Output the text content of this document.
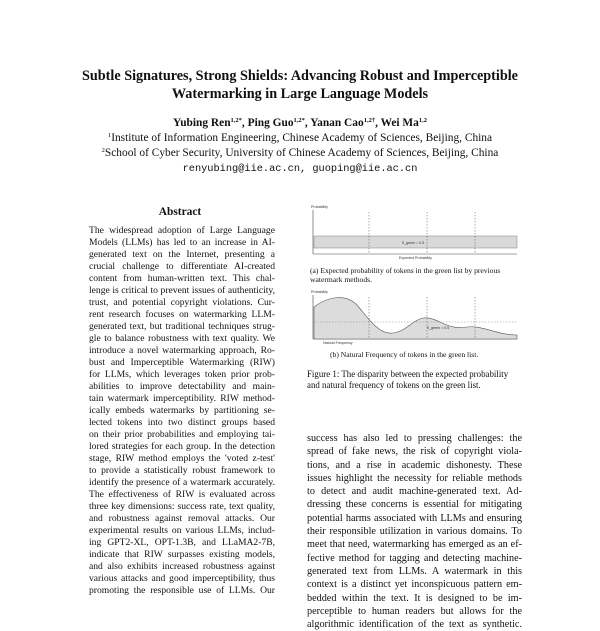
Subtle Signatures, Strong Shields: Advancing Robust and Imperceptible
Watermarking in Large Language Models
Yubing Ren$^{1,2*}$, Ping Guo$^{1,2*}$, Yanan Cao$^{1,2\dagger}$, Wei Ma$^{1,2}$
$^1$Institute of Information Engineering, Chinese Academy of Sciences, Beijing, China
$^2$School of Cyber Security, University of Chinese Academy of Sciences, Beijing, China
renyubing@iie.ac.cn, guoping@iie.ac.cn
Abstract
The widespread adoption of Large Language
Models (LLMs) has led to an increase in AI-
generated text on the Internet, presenting a
crucial challenge to differentiate AI-created
content from human-written text. This chal-
lenge is critical to prevent issues of authenticity,
trust, and potential copyright violations. Cur-
rent research focuses on watermarking LLM-
generated text, but traditional techniques strug-
gle to balance robustness with text quality. We
introduce a novel watermarking approach, Ro-
bust and Imperceptible Watermarking (RIW)
for LLMs, which leverages token prior prob-
abilities to improve detectability and main-
tain watermark imperceptibility. RIW method-
ically embeds watermarks by partitioning se-
lected tokens into two distinct groups based
on their prior probabilities and employing tai-
lored strategies for each group. In the detection
stage, RIW method employs the 'voted z-test'
to provide a statistically robust framework to
identify the presence of a watermark accurately.
The effectiveness of RIW is evaluated across
three key dimensions: success rate, text quality,
and robustness against removal attacks. Our
experimental results on various LLMs, includ-
ing GPT2-XL, OPT-1.3B, and LLaMA2-7B,
indicate that RIW surpasses existing models,
and also exhibits increased robustness against
various attacks and good imperceptibility, thus
promoting the responsible use of LLMs. Our
Probability
δ_green = 0.5
Expected Probability
(a) Expected probability of tokens in the green list by previous watermark methods.
Probability
δ_green = 0.5
Natural Frequency
(b) Natural Frequency of tokens in the green list.
Figure 1: The disparity between the expected probability and natural frequency of tokens on the green list.
success has also led to pressing challenges: the
spread of fake news, the risk of copyright viola-
tions, and a rise in academic dishonesty. These
issues highlight the necessity for reliable methods
to detect and audit machine-generated text. Ad-
dressing these concerns is essential for mitigating
potential harms associated with LLMs and ensuring
their responsible utilization in various domains. To
meet that need, watermarking has emerged as an ef-
fective method for tagging and detecting machine-
generated text from LLMs. A watermark in this
context is a distinct yet inconspicuous pattern em-
bedded within the text. It is designed to be im-
perceptible to human readers but allows for the
algorithmic identification of the text as synthetic.
